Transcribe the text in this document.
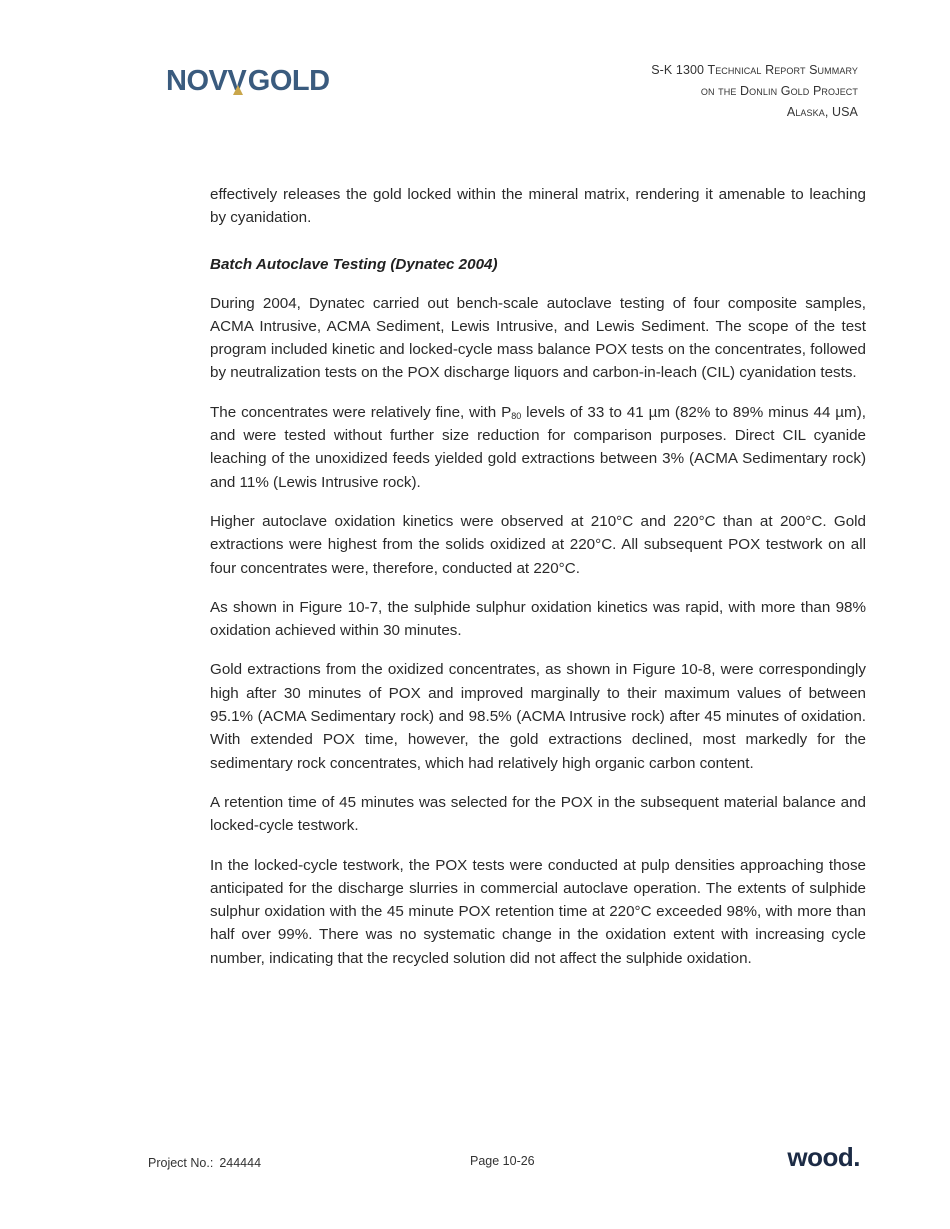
NOV V GOLD	S-K 1300 Technical Report Summary
on the Donlin Gold Project
Alaska, USA

effectively releases the gold locked within the mineral matrix, rendering it amenable to leaching by cyanidation.

Batch Autoclave Testing (Dynatec 2004)

During 2004, Dynatec carried out bench-scale autoclave testing of four composite samples, ACMA Intrusive, ACMA Sediment, Lewis Intrusive, and Lewis Sediment. The scope of the test program included kinetic and locked-cycle mass balance POX tests on the concentrates, followed by neutralization tests on the POX discharge liquors and carbon-in-leach (CIL) cyanidation tests.

The concentrates were relatively fine, with $P_{80}$ levels of 33 to 41 µm (82% to 89% minus 44 µm), and were tested without further size reduction for comparison purposes. Direct CIL cyanide leaching of the unoxidized feeds yielded gold extractions between 3% (ACMA Sedimentary rock) and 11% (Lewis Intrusive rock).

Higher autoclave oxidation kinetics were observed at 210°C and 220°C than at 200°C. Gold extractions were highest from the solids oxidized at 220°C. All subsequent POX testwork on all four concentrates were, therefore, conducted at 220°C.

As shown in Figure 10-7, the sulphide sulphur oxidation kinetics was rapid, with more than 98% oxidation achieved within 30 minutes.

Gold extractions from the oxidized concentrates, as shown in Figure 10-8, were correspondingly high after 30 minutes of POX and improved marginally to their maximum values of between 95.1% (ACMA Sedimentary rock) and 98.5% (ACMA Intrusive rock) after 45 minutes of oxidation. With extended POX time, however, the gold extractions declined, most markedly for the sedimentary rock concentrates, which had relatively high organic carbon content.

A retention time of 45 minutes was selected for the POX in the subsequent material balance and locked-cycle testwork.

In the locked-cycle testwork, the POX tests were conducted at pulp densities approaching those anticipated for the discharge slurries in commercial autoclave operation. The extents of sulphide sulphur oxidation with the 45 minute POX retention time at 220°C exceeded 98%, with more than half over 99%. There was no systematic change in the oxidation extent with increasing cycle number, indicating that the recycled solution did not affect the sulphide oxidation.

Project No.: 244444	Page 10-26	wood.
